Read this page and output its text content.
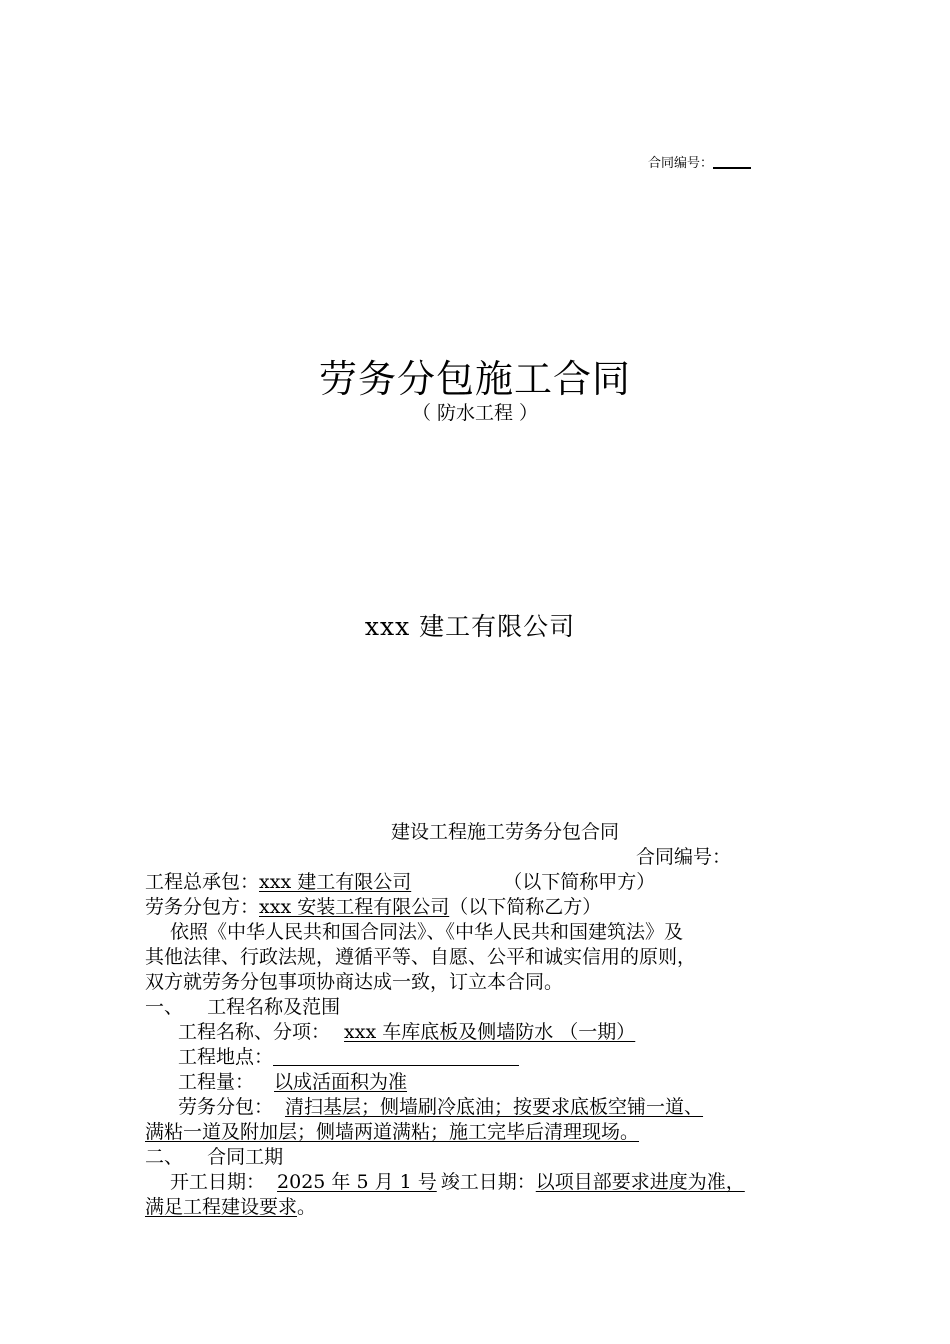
合同编号：
劳务分包施工合同
（ 防水工程 ）
xxx 建工有限公司
建设工程施工劳务分包合同
合同编号：
工程总承包：xxx 建工有限公司	（以下简称甲方）
劳务分包方：xxx 安装工程有限公司（以下简称乙方）
依照《中华人民共和国合同法》、《中华人民共和国建筑法》及
其他法律、行政法规，遵循平等、自愿、公平和诚实信用的原则，
双方就劳务分包事项协商达成一致，订立本合同。
一、    工程名称及范围
工程名称、分项： xxx 车库底板及侧墙防水 （一期）
工程地点：
工程量： 以成活面积为准
劳务分包： 清扫基层；侧墙刷冷底油；按要求底板空铺一道、
满粘一道及附加层；侧墙两道满粘；施工完毕后清理现场。
二、    合同工期
开工日期： 2025 年 5 月 1 号 竣工日期：以项目部要求进度为准，
满足工程建设要求。
